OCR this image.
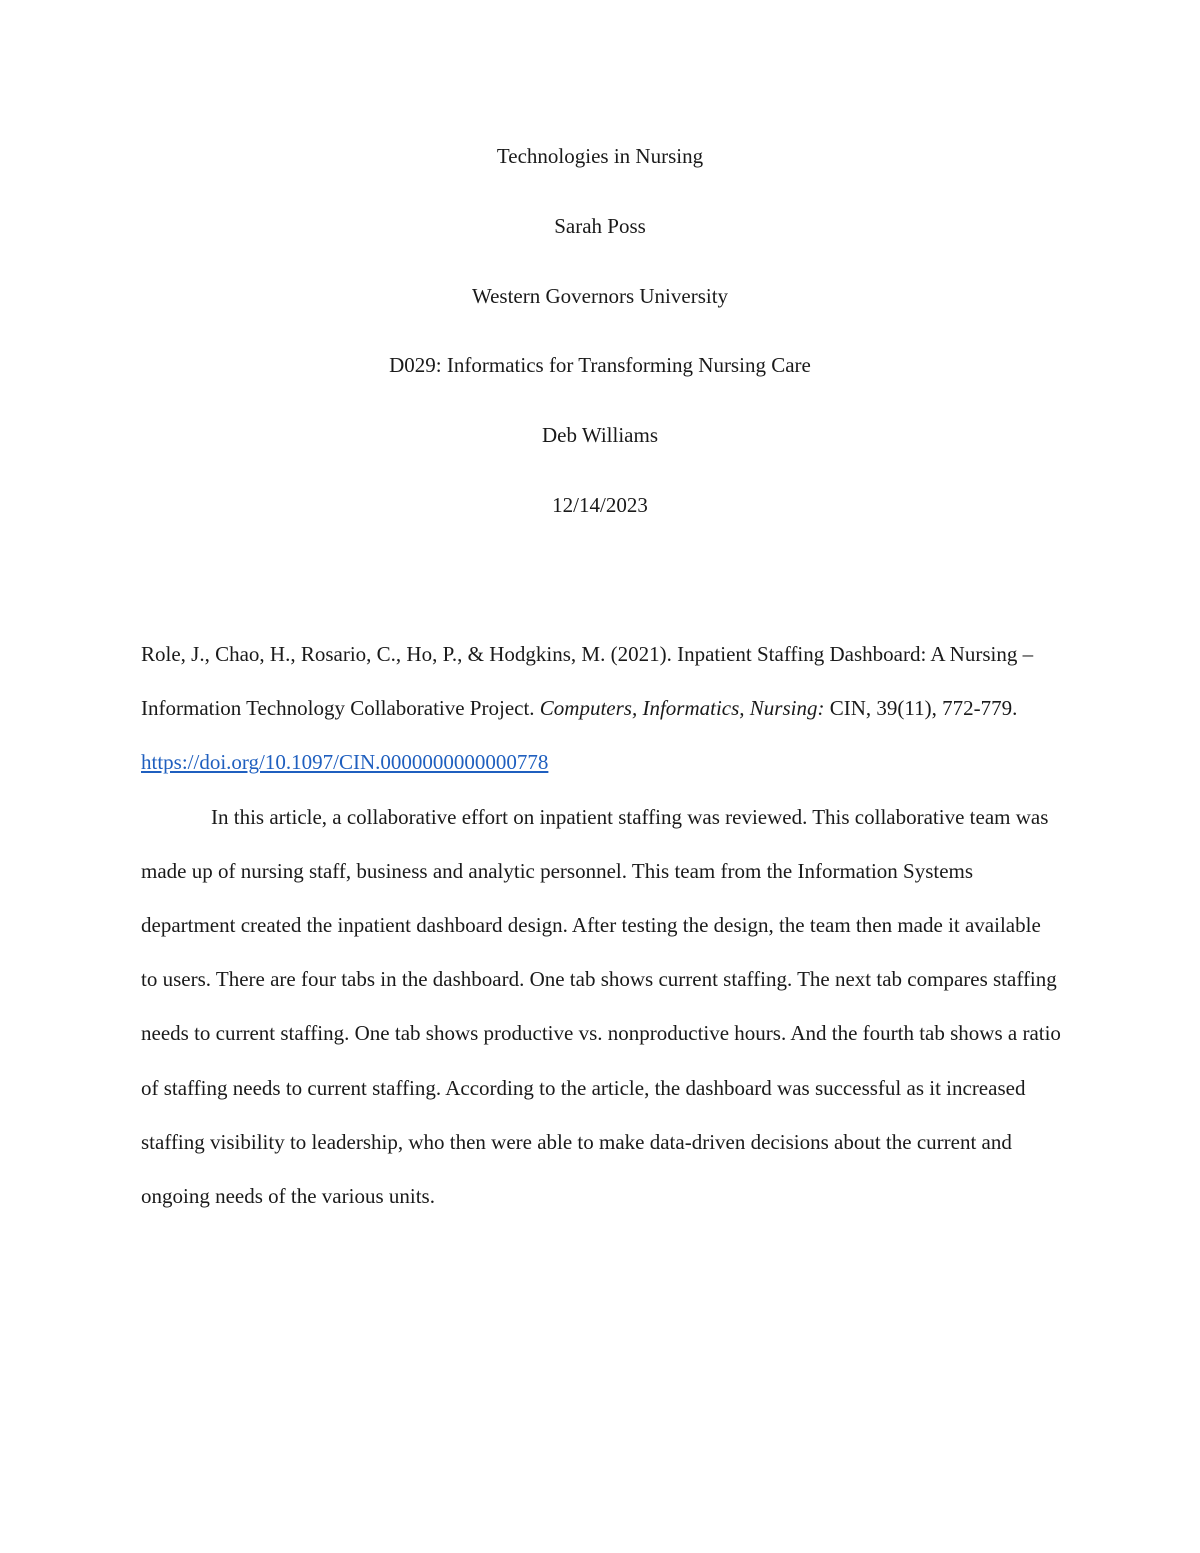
Technologies in Nursing
Sarah Poss
Western Governors University
D029: Informatics for Transforming Nursing Care
Deb Williams
12/14/2023

Role, J., Chao, H., Rosario, C., Ho, P., & Hodgkins, M. (2021). Inpatient Staffing Dashboard: A Nursing – Information Technology Collaborative Project. Computers, Informatics, Nursing: CIN, 39(11), 772-779. https://doi.org/10.1097/CIN.0000000000000778

In this article, a collaborative effort on inpatient staffing was reviewed. This collaborative team was made up of nursing staff, business and analytic personnel. This team from the Information Systems department created the inpatient dashboard design. After testing the design, the team then made it available to users. There are four tabs in the dashboard. One tab shows current staffing. The next tab compares staffing needs to current staffing. One tab shows productive vs. nonproductive hours. And the fourth tab shows a ratio of staffing needs to current staffing. According to the article, the dashboard was successful as it increased staffing visibility to leadership, who then were able to make data-driven decisions about the current and ongoing needs of the various units.
